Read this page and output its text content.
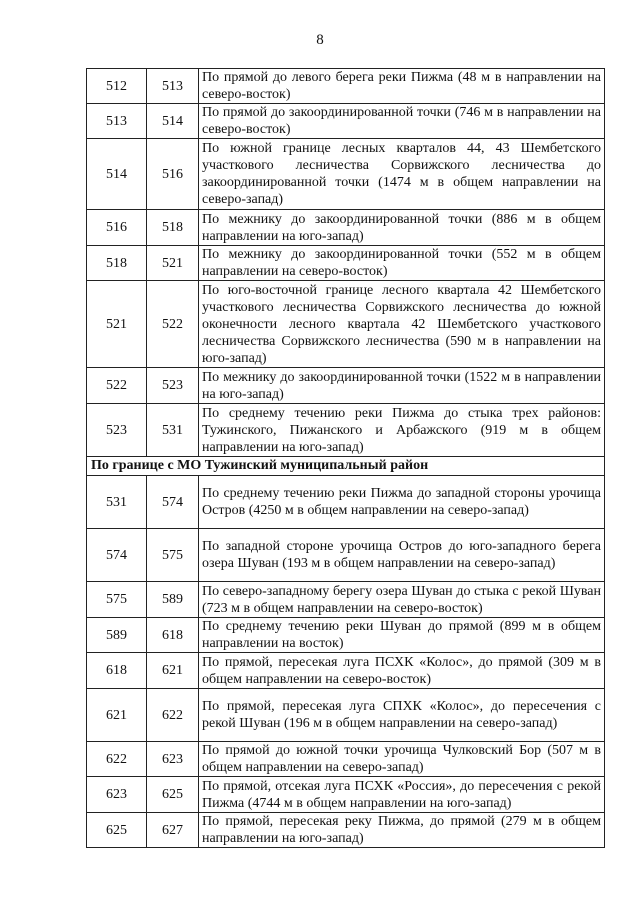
8
512	513	По прямой до левого берега реки Пижма (48 м в направлении на северо-восток)
513	514	По прямой до закоординированной точки (746 м в направлении на северо-восток)
514	516	По южной границе лесных кварталов 44, 43 Шембетского участкового лесничества Сорвижского лесничества до закоординированной точки (1474 м в общем направлении на северо-запад)
516	518	По межнику до закоординированной точки (886 м в общем направлении на юго-запад)
518	521	По межнику до закоординированной точки (552 м в общем направлении на северо-восток)
521	522	По юго-восточной границе лесного квартала 42 Шембетского участкового лесничества Сорвижского лесничества до южной оконечности лесного квартала 42 Шембетского участкового лесничества Сорвижского лесничества (590 м в направлении на юго-запад)
522	523	По межнику до закоординированной точки (1522 м в направлении на юго-запад)
523	531	По среднему течению реки Пижма до стыка трех районов: Тужинского, Пижанского и Арбажского (919 м в общем направлении на юго-запад)
По границе с МО Тужинский муниципальный район		
531	574	По среднему течению реки Пижма до западной стороны урочища Остров (4250 м в общем направлении на северо-запад)
574	575	По западной стороне урочища Остров до юго-западного берега озера Шуван (193 м в общем направлении на северо-запад)
575	589	По северо-западному берегу озера Шуван до стыка с рекой Шуван (723 м в общем направлении на северо-восток)
589	618	По среднему течению реки Шуван до прямой (899 м в общем направлении на восток)
618	621	По прямой, пересекая луга ПСХК «Колос», до прямой (309 м в общем направлении на северо-восток)
621	622	По прямой, пересекая луга СПХК «Колос», до пересечения с рекой Шуван (196 м в общем направлении на северо-запад)
622	623	По прямой до южной точки урочища Чулковский Бор (507 м в общем направлении на северо-запад)
623	625	По прямой, отсекая луга ПСХК «Россия», до пересечения с рекой Пижма (4744 м в общем направлении на юго-запад)
625	627	По прямой, пересекая реку Пижма, до прямой (279 м в общем направлении на юго-запад)
